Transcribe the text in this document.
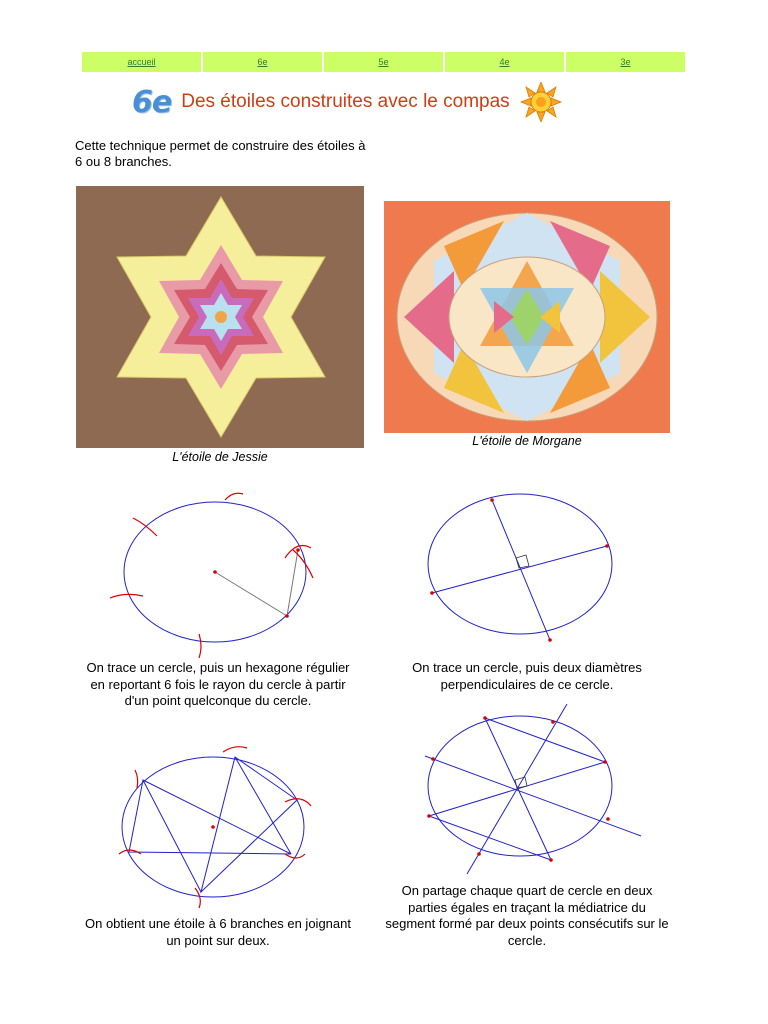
accueil	6e	5e	4e	3e
6e Des étoiles construites avec le compas
Cette technique permet de construire des étoiles à 6 ou 8 branches.
L'étoile de Jessie
L'étoile de Morgane
On trace un cercle, puis un hexagone régulier en reportant 6 fois le rayon du cercle à partir d'un point quelconque du cercle.
On trace un cercle, puis deux diamètres perpendiculaires de ce cercle.
On obtient une étoile à 6 branches en joignant un point sur deux.
On partage chaque quart de cercle en deux parties égales en traçant la médiatrice du segment formé par deux points consécutifs sur le cercle.
